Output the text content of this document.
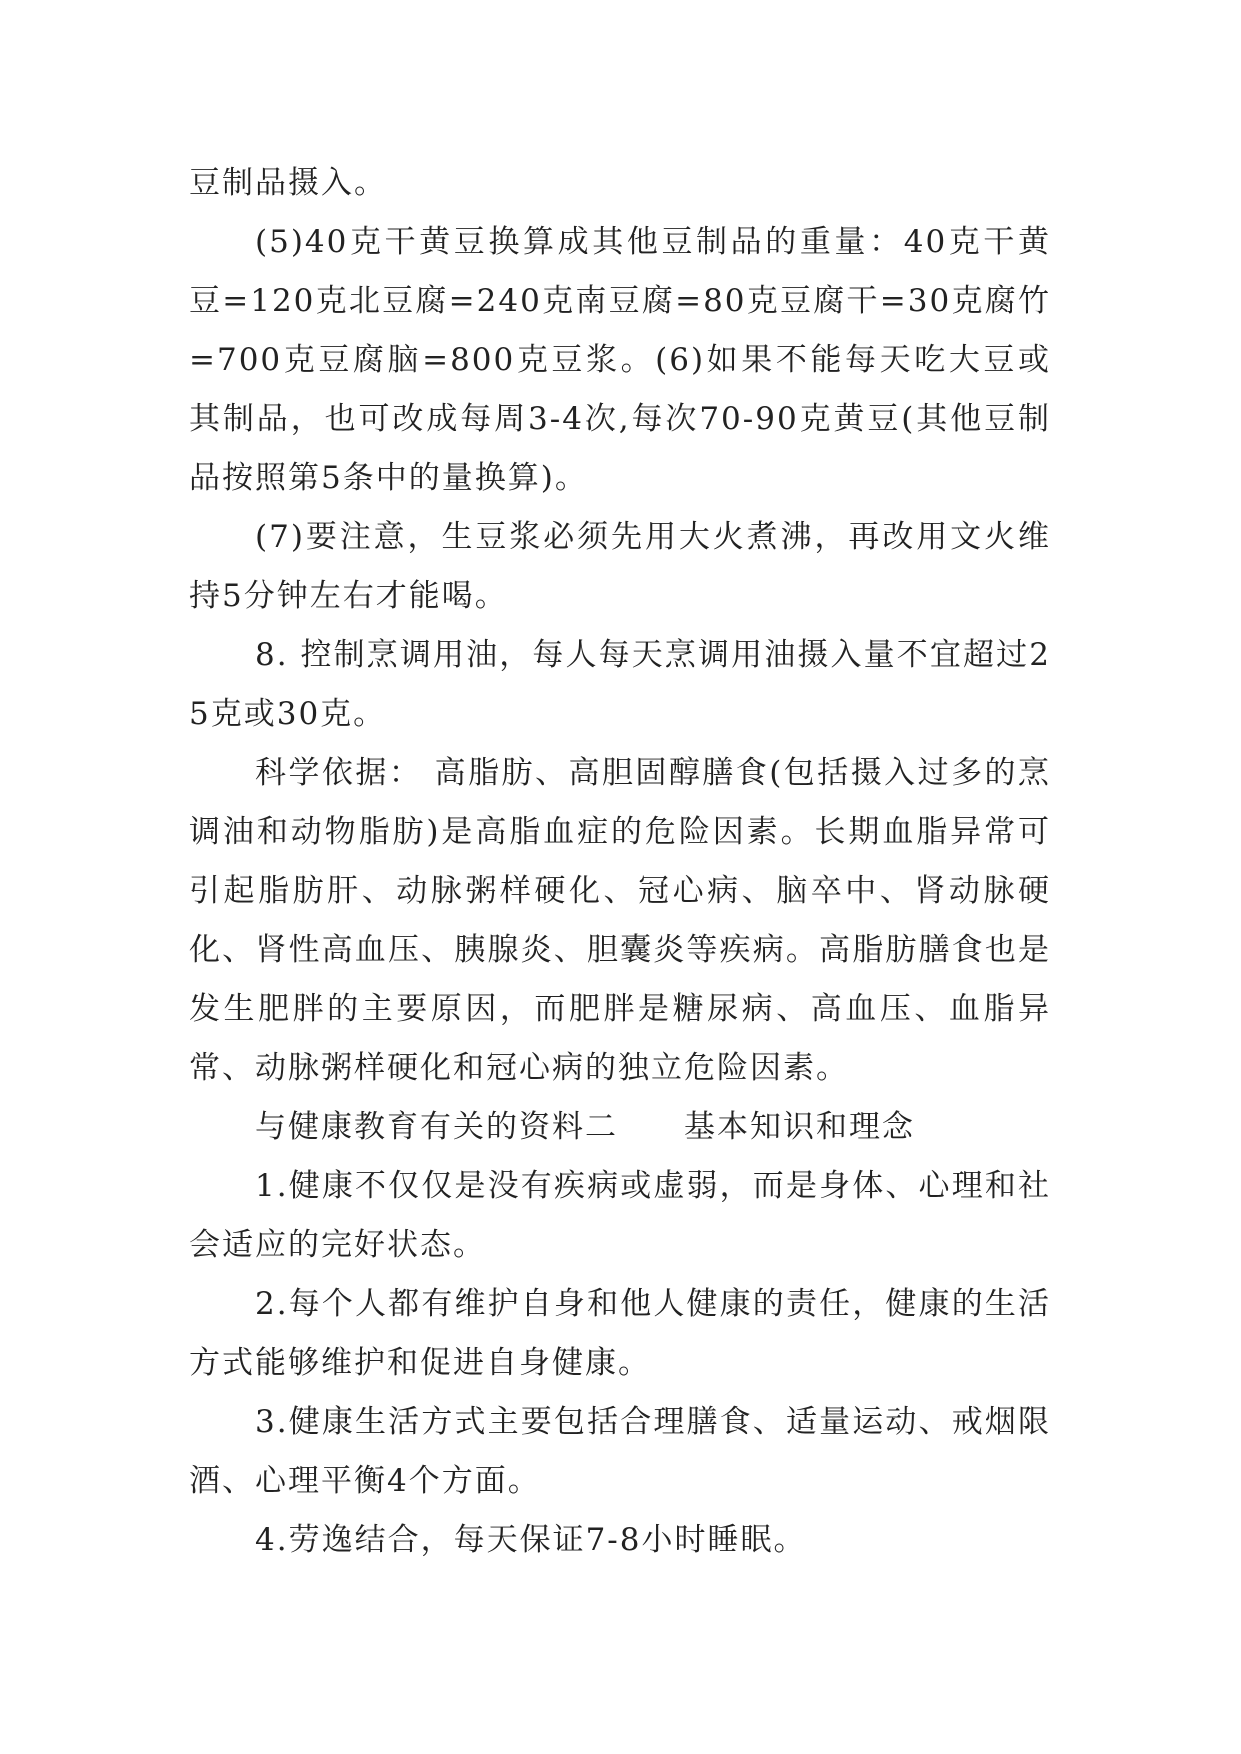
豆制品摄入。

(5)40克干黄豆换算成其他豆制品的重量：40克干黄豆=120克北豆腐=240克南豆腐=80克豆腐干=30克腐竹=700克豆腐脑=800克豆浆。(6)如果不能每天吃大豆或其制品，也可改成每周3-4次,每次70-90克黄豆(其他豆制品按照第5条中的量换算)。

(7)要注意，生豆浆必须先用大火煮沸，再改用文火维持5分钟左右才能喝。

8. 控制烹调用油，每人每天烹调用油摄入量不宜超过25克或30克。

科学依据： 高脂肪、高胆固醇膳食(包括摄入过多的烹调油和动物脂肪)是高脂血症的危险因素。长期血脂异常可引起脂肪肝、动脉粥样硬化、冠心病、脑卒中、肾动脉硬化、肾性高血压、胰腺炎、胆囊炎等疾病。高脂肪膳食也是发生肥胖的主要原因，而肥胖是糖尿病、高血压、血脂异常、动脉粥样硬化和冠心病的独立危险因素。

与健康教育有关的资料二　　基本知识和理念

1.健康不仅仅是没有疾病或虚弱，而是身体、心理和社会适应的完好状态。

2.每个人都有维护自身和他人健康的责任，健康的生活方式能够维护和促进自身健康。

3.健康生活方式主要包括合理膳食、适量运动、戒烟限酒、心理平衡4个方面。

4.劳逸结合，每天保证7-8小时睡眠。
